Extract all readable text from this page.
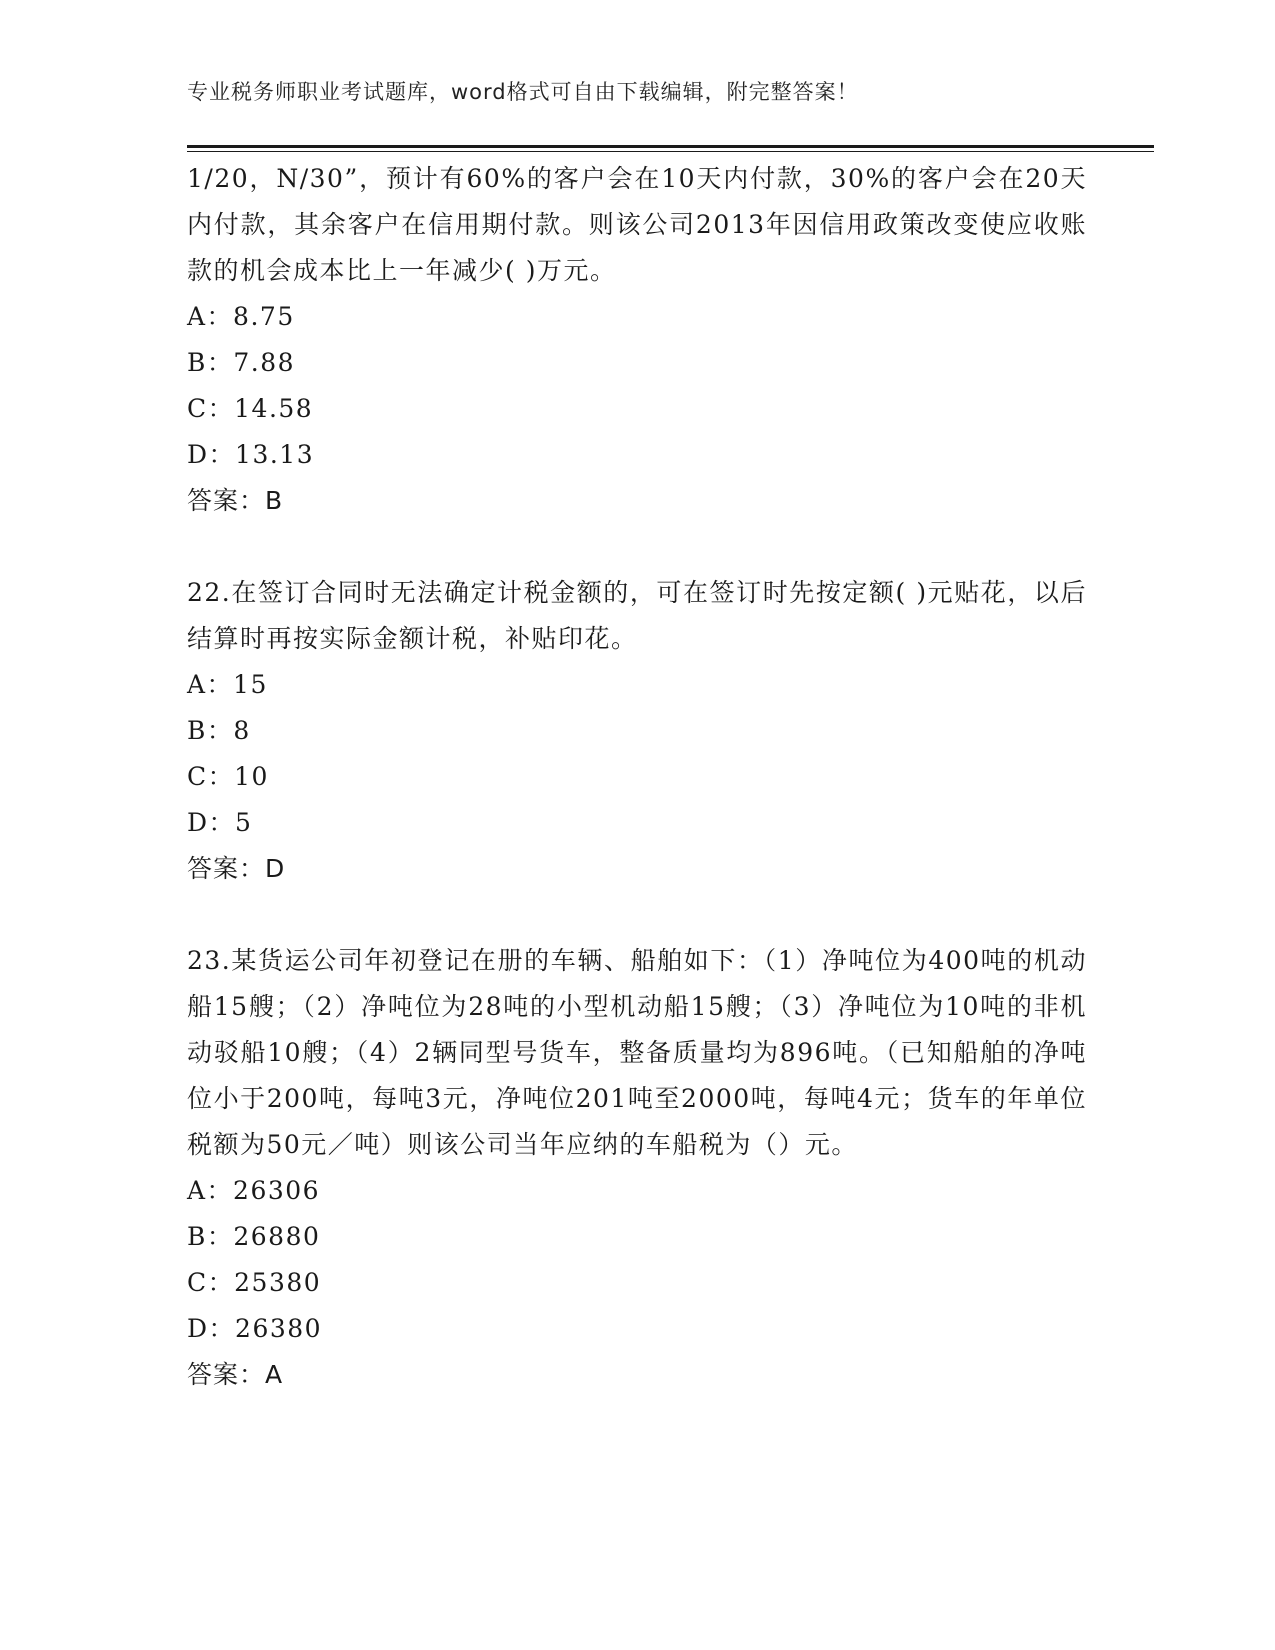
专业税务师职业考试题库，word格式可自由下载编辑，附完整答案！

1/20，N/30”，预计有60%的客户会在10天内付款，30%的客户会在20天内付款，其余客户在信用期付款。则该公司2013年因信用政策改变使应收账款的机会成本比上一年减少( )万元。

A：8.75

B：7.88

C：14.58

D：13.13

答案：B

22.在签订合同时无法确定计税金额的，可在签订时先按定额( )元贴花，以后结算时再按实际金额计税，补贴印花。

A：15

B：8

C：10

D：5

答案：D

23.某货运公司年初登记在册的车辆、船舶如下：（1）净吨位为400吨的机动船15艘；（2）净吨位为28吨的小型机动船15艘；（3）净吨位为10吨的非机动驳船10艘；（4）2辆同型号货车，整备质量均为896吨。（已知船舶的净吨位小于200吨，每吨3元，净吨位201吨至2000吨，每吨4元；货车的年单位税额为50元／吨）则该公司当年应纳的车船税为（）元。

A：26306

B：26880

C：25380

D：26380

答案：A
